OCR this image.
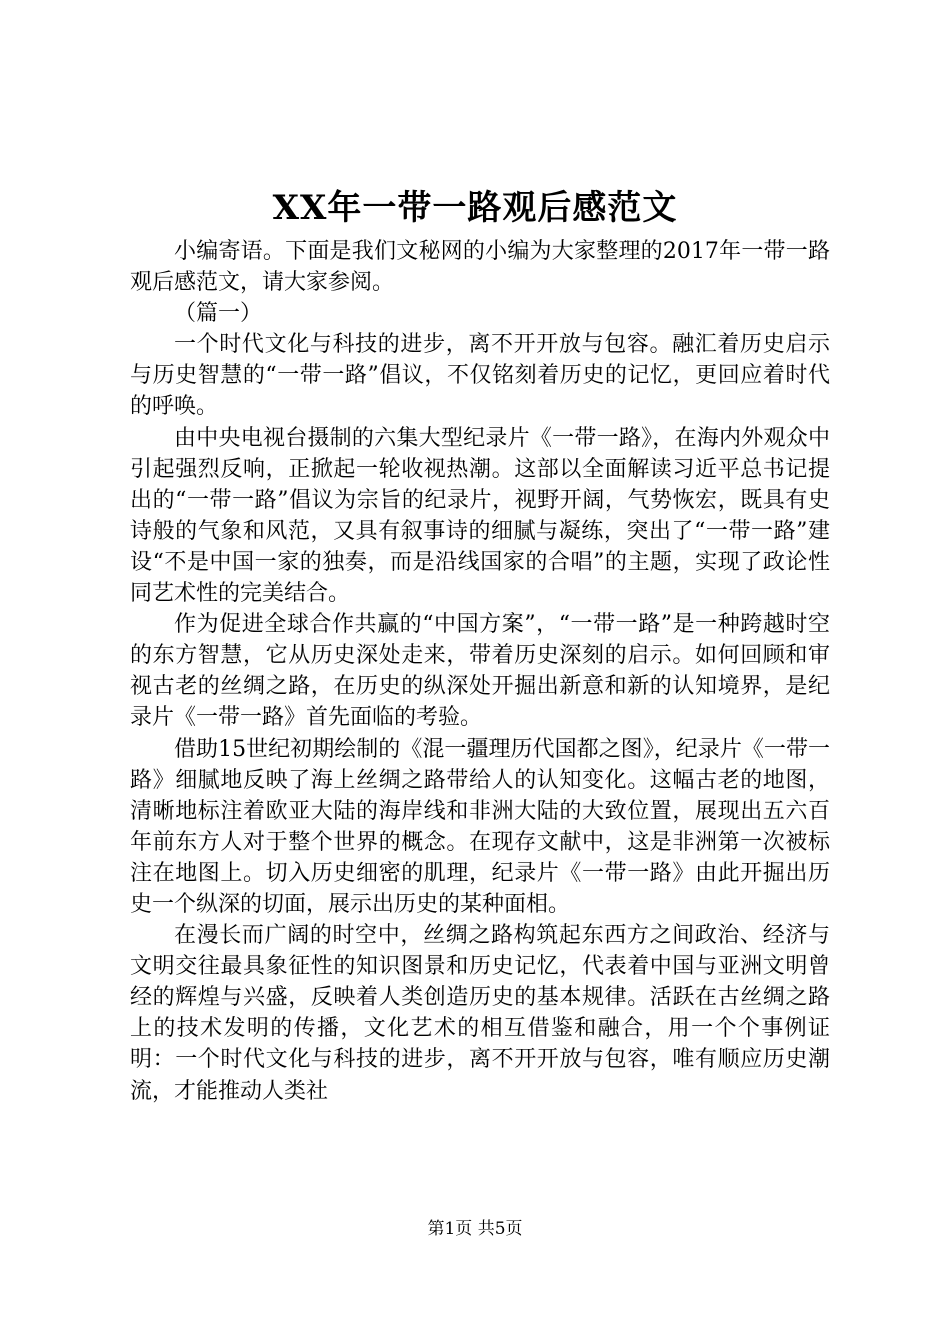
XX年一带一路观后感范文

小编寄语。下面是我们文秘网的小编为大家整理的2017年一带一路观后感范文，请大家参阅。

（篇一）

一个时代文化与科技的进步，离不开开放与包容。融汇着历史启示与历史智慧的“一带一路”倡议，不仅铭刻着历史的记忆，更回应着时代的呼唤。

由中央电视台摄制的六集大型纪录片《一带一路》，在海内外观众中引起强烈反响，正掀起一轮收视热潮。这部以全面解读习近平总书记提出的“一带一路”倡议为宗旨的纪录片，视野开阔，气势恢宏，既具有史诗般的气象和风范，又具有叙事诗的细腻与凝练，突出了“一带一路”建设“不是中国一家的独奏，而是沿线国家的合唱”的主题，实现了政论性同艺术性的完美结合。

作为促进全球合作共赢的“中国方案”，“一带一路”是一种跨越时空的东方智慧，它从历史深处走来，带着历史深刻的启示。如何回顾和审视古老的丝绸之路，在历史的纵深处开掘出新意和新的认知境界，是纪录片《一带一路》首先面临的考验。

借助15世纪初期绘制的《混一疆理历代国都之图》，纪录片《一带一路》细腻地反映了海上丝绸之路带给人的认知变化。这幅古老的地图，清晰地标注着欧亚大陆的海岸线和非洲大陆的大致位置，展现出五六百年前东方人对于整个世界的概念。在现存文献中，这是非洲第一次被标注在地图上。切入历史细密的肌理，纪录片《一带一路》由此开掘出历史一个纵深的切面，展示出历史的某种面相。

在漫长而广阔的时空中，丝绸之路构筑起东西方之间政治、经济与文明交往最具象征性的知识图景和历史记忆，代表着中国与亚洲文明曾经的辉煌与兴盛，反映着人类创造历史的基本规律。活跃在古丝绸之路上的技术发明的传播，文化艺术的相互借鉴和融合，用一个个事例证明：一个时代文化与科技的进步，离不开开放与包容，唯有顺应历史潮流，才能推动人类社

第1页 共5页
